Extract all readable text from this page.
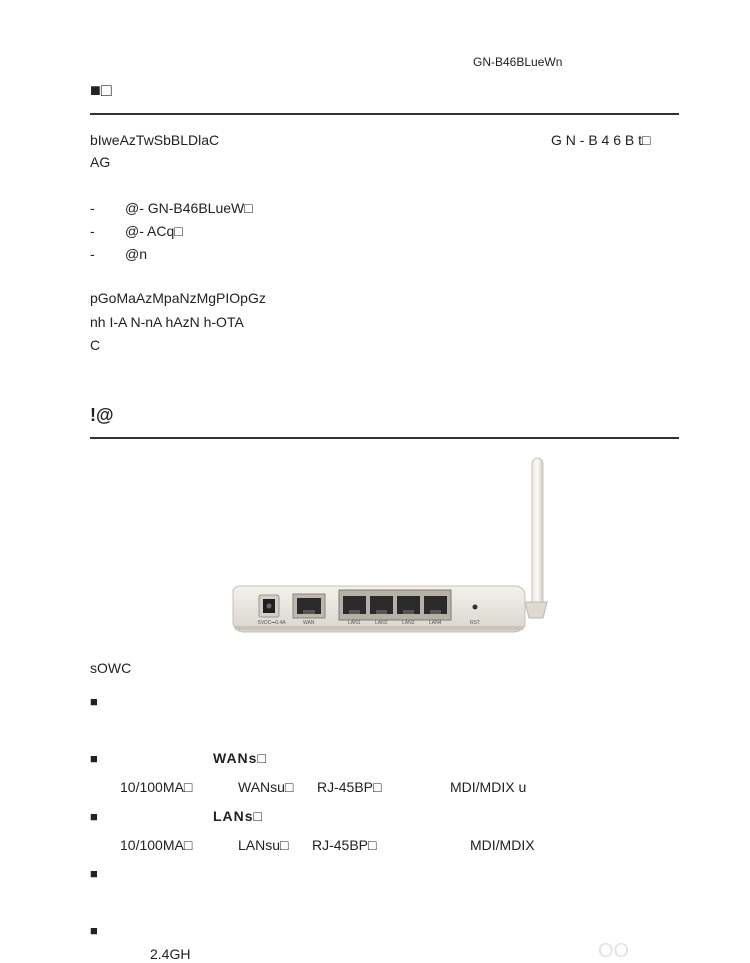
GN-B46BLueWn
■□
bIweAzTwSbBLDlaC	G N - B 4 6 B t□
AG
- @- GN-B46BLueW□
- @- ACq□
- @n
pGoMaAzMpaNzMgPIOpGz
nh I-A N-nA hAzN h-OTA
C
!@
5VDC⎓0.4A	WAN	LAN1	LAN2	LAN3	LAN4	RST
sOWC
■
■	WANs□
10/100MA□	WANsu□ RJ-45BP□	MDI/MDIX u
■	LANs□
10/100MA□	LANsu□ RJ-45BP□	MDI/MDIX
■
■
2.4GH	OO
